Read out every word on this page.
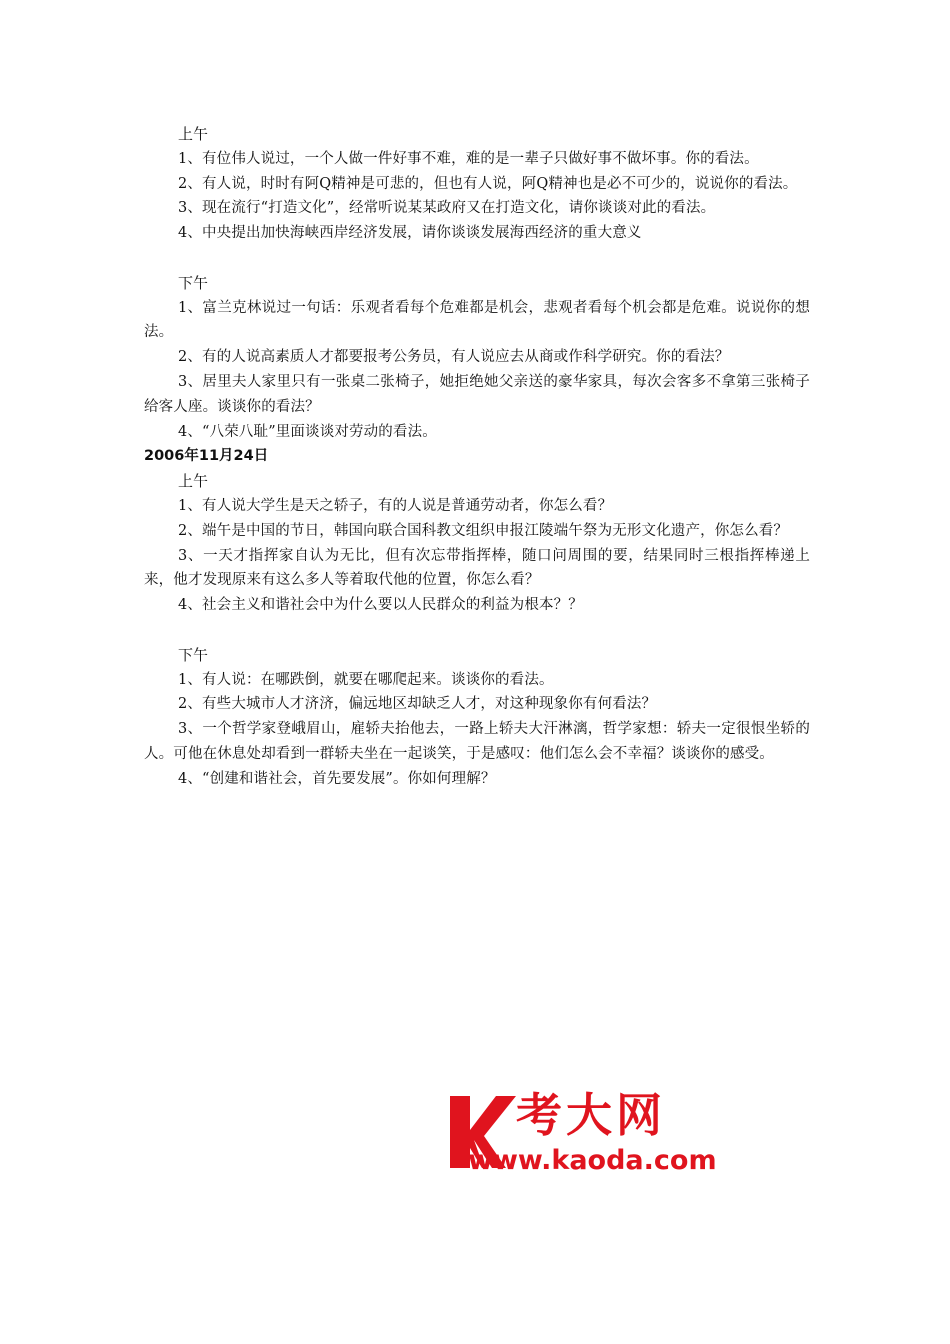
上午
1、有位伟人说过，一个人做一件好事不难，难的是一辈子只做好事不做坏事。你的看法。
2、有人说，时时有阿Q精神是可悲的，但也有人说，阿Q精神也是必不可少的，说说你的看法。
3、现在流行“打造文化”，经常听说某某政府又在打造文化，请你谈谈对此的看法。
4、中央提出加快海峡西岸经济发展，请你谈谈发展海西经济的重大意义
下午
1、富兰克林说过一句话：乐观者看每个危难都是机会，悲观者看每个机会都是危难。说说你的想法。
2、有的人说高素质人才都要报考公务员，有人说应去从商或作科学研究。你的看法？
3、居里夫人家里只有一张桌二张椅子，她拒绝她父亲送的豪华家具，每次会客多不拿第三张椅子给客人座。谈谈你的看法？
4、“八荣八耻”里面谈谈对劳动的看法。
2006年11月24日
上午
1、有人说大学生是天之轿子，有的人说是普通劳动者，你怎么看？
2、端午是中国的节日，韩国向联合国科教文组织申报江陵端午祭为无形文化遗产，你怎么看？
3、一天才指挥家自认为无比，但有次忘带指挥棒，随口问周围的要，结果同时三根指挥棒递上来，他才发现原来有这么多人等着取代他的位置，你怎么看？
4、社会主义和谐社会中为什么要以人民群众的利益为根本？？
下午
1、有人说：在哪跌倒，就要在哪爬起来。谈谈你的看法。
2、有些大城市人才济济，偏远地区却缺乏人才，对这种现象你有何看法？
3、一个哲学家登峨眉山，雇轿夫抬他去，一路上轿夫大汗淋漓，哲学家想：轿夫一定很恨坐轿的人。可他在休息处却看到一群轿夫坐在一起谈笑，于是感叹：他们怎么会不幸福？谈谈你的感受。
4、“创建和谐社会，首先要发展”。你如何理解？
考大网
www.kaoda.com
